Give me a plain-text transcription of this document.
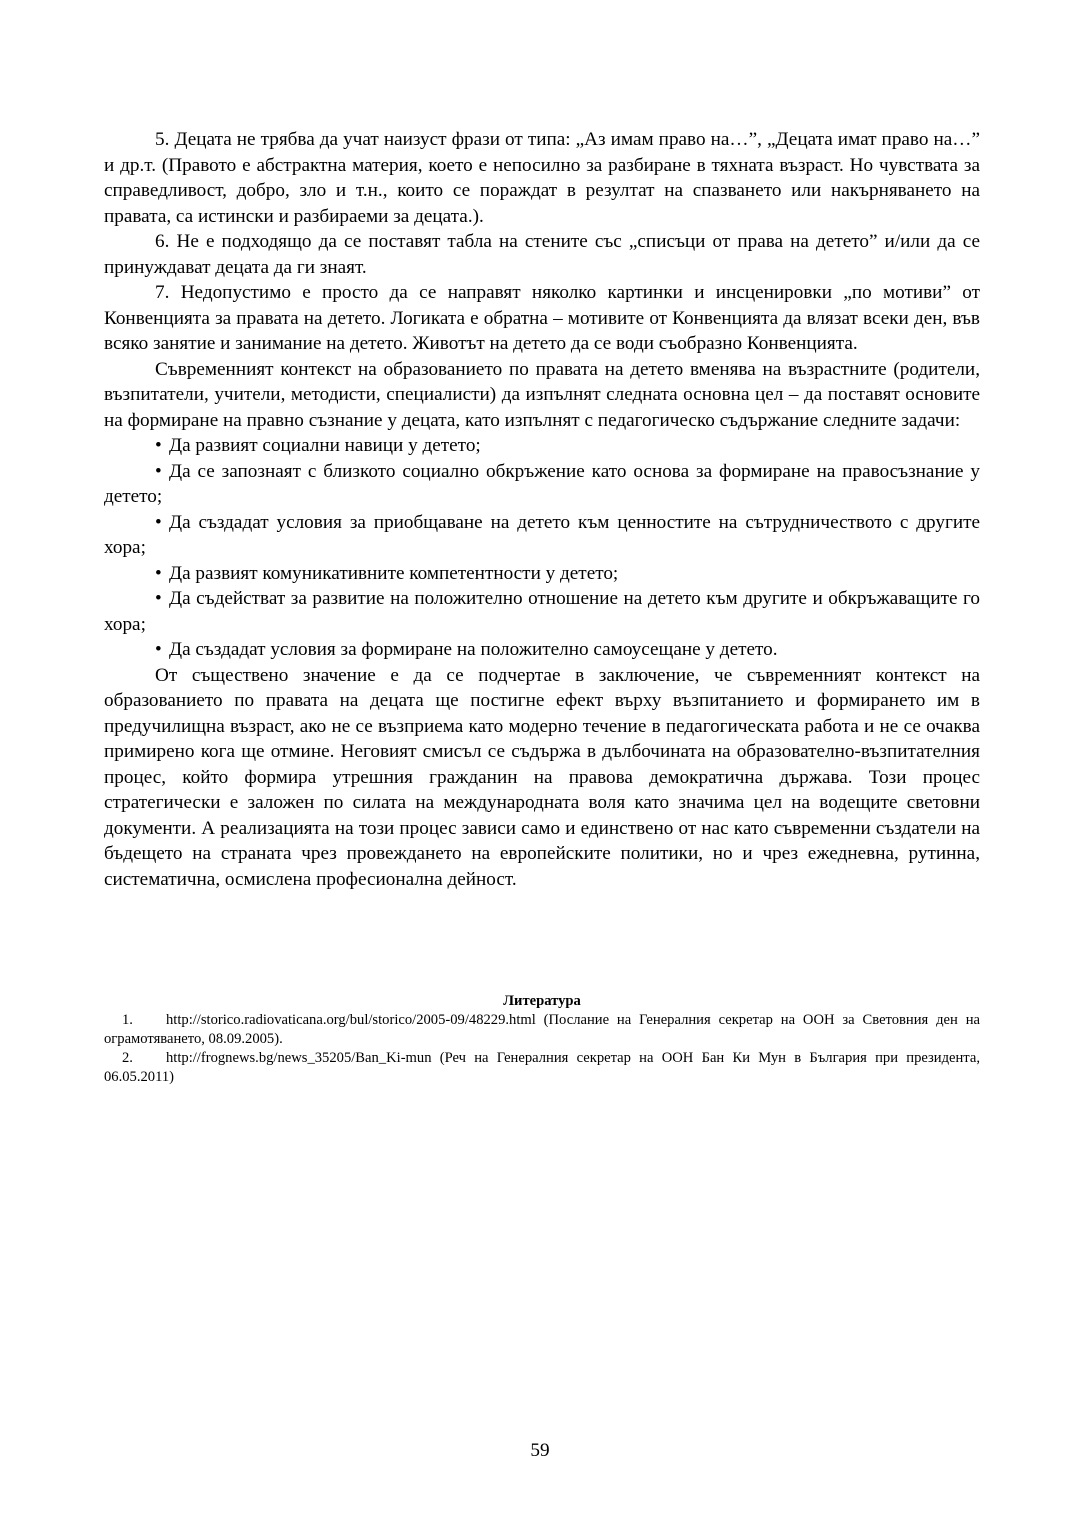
5. Децата не трябва да учат наизуст фрази от типа: „Аз имам право на…”, „Децата имат право на…” и др.т. (Правото е абстрактна материя, което е непосилно за разбиране в тяхната възраст. Но чувствата за справедливост, добро, зло и т.н., които се пораждат в резултат на спазването или накърняването на правата, са истински и разбираеми за децата.).

6. Не е подходящо да се поставят табла на стените със „списъци от права на детето” и/или да се принуждават децата да ги знаят.

7. Недопустимо е просто да се направят няколко картинки и инсценировки „по мотиви” от Конвенцията за правата на детето. Логиката е обратна – мотивите от Конвенцията да влязат всеки ден, във всяко занятие и занимание на детето. Животът на детето да се води съобразно Конвенцията.

Съвременният контекст на образованието по правата на детето вменява на възрастните (родители, възпитатели, учители, методисти, специалисти) да изпълнят следната основна цел – да поставят основите на формиране на правно съзнание у децата, като изпълнят с педагогическо съдържание следните задачи:

• Да развият социални навици у детето;

• Да се запознаят с близкото социално обкръжение като основа за формиране на правосъзнание у детето;

• Да създадат условия за приобщаване на детето към ценностите на сътрудничеството с другите хора;

• Да развият комуникативните компетентности у детето;

• Да съдействат за развитие на положително отношение на детето към другите и обкръжаващите го хора;

• Да създадат условия за формиране на положително самоусещане у детето.

От съществено значение е да се подчертае в заключение, че съвременният контекст на образованието по правата на децата ще постигне ефект върху възпитанието и формирането им в предучилищна възраст, ако не се възприема като модерно течение в педагогическата работа и не се очаква примирено кога ще отмине. Неговият смисъл се съдържа в дълбочината на образователно-възпитателния процес, който формира утрешния гражданин на правова демократична държава. Този процес стратегически е заложен по силата на международната воля като значима цел на водещите световни документи. А реализацията на този процес зависи само и единствено от нас като съвременни създатели на бъдещето на страната чрез провеждането на европейските политики, но и чрез ежедневна, рутинна, систематична, осмислена професионална дейност.

Литература

1. http://storico.radiovaticana.org/bul/storico/2005-09/48229.html (Послание на Генералния секретар на ООН за Световния ден на ограмотяването, 08.09.2005).

2. http://frognews.bg/news_35205/Ban_Ki-mun (Реч на Генералния секретар на ООН Бан Ки Мун в България при президента, 06.05.2011)

59
